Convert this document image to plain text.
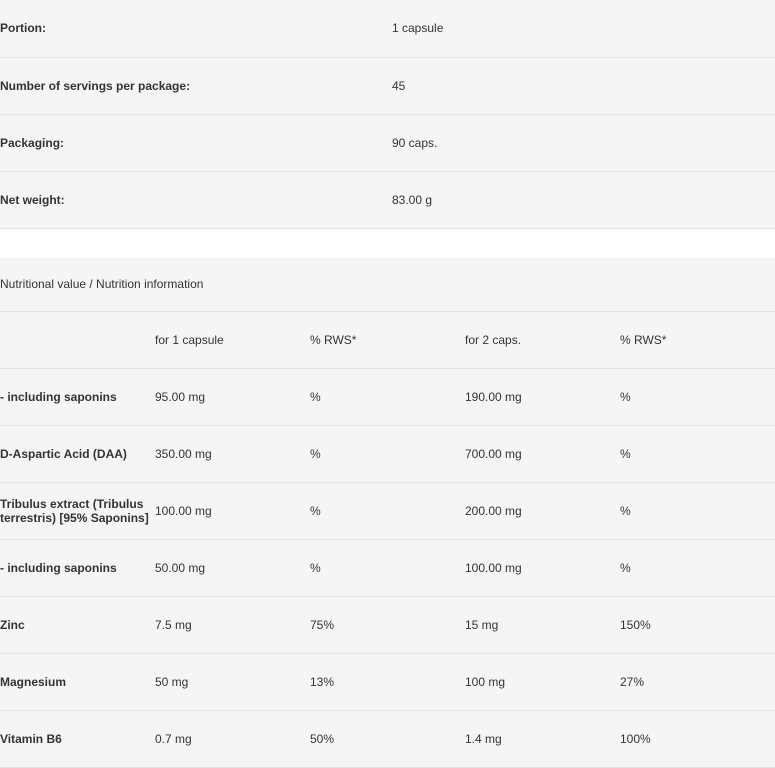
Portion:	1 capsule
Number of servings per package:	45
Packaging:	90 caps.
Net weight:	83.00 g

Nutritional value / Nutrition information				
	for 1 capsule	% RWS*	for 2 caps.	% RWS*
- including saponins	95.00 mg	%	190.00 mg	%
D-Aspartic Acid (DAA)	350.00 mg	%	700.00 mg	%
Tribulus extract (Tribulus terrestris) [95% Saponins]	100.00 mg	%	200.00 mg	%
- including saponins	50.00 mg	%	100.00 mg	%
Zinc	7.5 mg	75%	15 mg	150%
Magnesium	50 mg	13%	100 mg	27%
Vitamin B6	0.7 mg	50%	1.4 mg	100%
